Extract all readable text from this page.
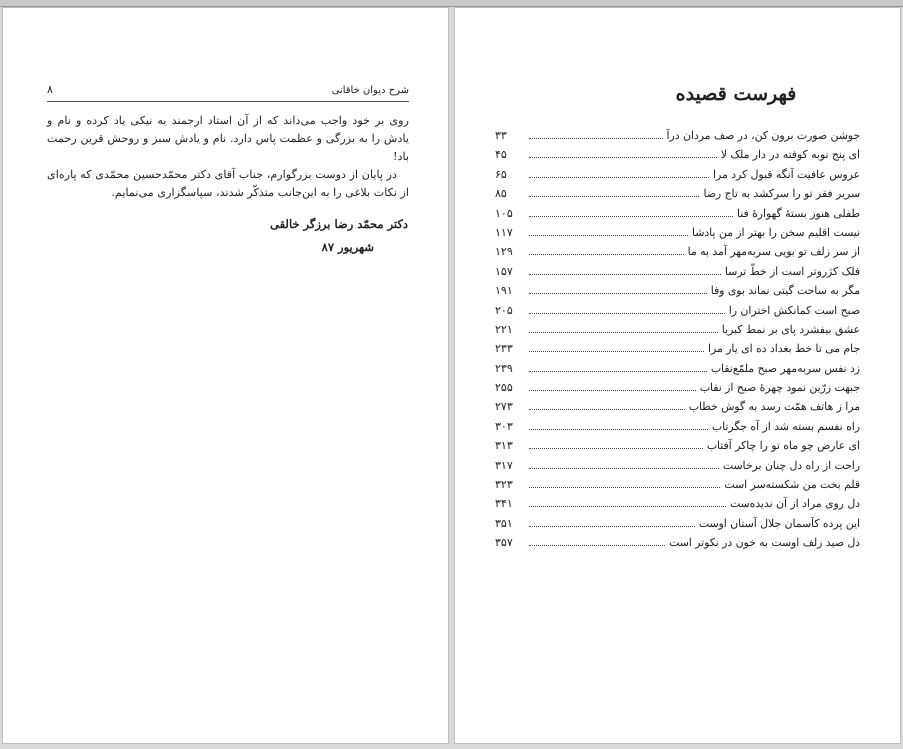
شرح دیوان خاقانی
۸

روی بر خود واجب می‌داند که از آن استاد ارجمند به نیکی یاد کرده و نام و یادش را به بزرگی و عظمت پاس دارد. نام و یادش سبز و روحش قرین رحمت باد!

در پایان از دوست بزرگوارم، جناب آقای دکتر محمّدحسین محمّدی که پاره‌ای از نکات بلاغی را به این‌جانب متذکّر شدند، سپاسگزاری می‌نمایم.

دکتر محمّد رضا برزگر خالقی
شهریور ۸۷
فهرست قصیده
جوشن صورت برون کن، در صف مردان درآ
۳۳
ای پنج نوبه کوفته در دار ملک لا
۴۵
عروس عافیت آنگه قبول کرد مرا
۶۵
سریر فقر تو را سرکشد به تاج رضا
۸۵
طفلی هنوز بستهٔ گهوارهٔ فنا
۱۰۵
نیست اقلیم سخن را بهتر از من پادشا
۱۱۷
از سر زلف تو بویی سربه‌مهر آمد به ما
۱۲۹
فلک کژروتر است از خطّ ترسا
۱۵۷
مگر به ساحت گیتی نماند بوی وفا
۱۹۱
صبح است کمانکش اختران را
۲۰۵
عشق بیفشرد پای بر نمط کبریا
۲۲۱
جام می تا خط بغداد ده ای یار مرا
۲۳۳
زد نفس سربه‌مهر صبح ملمّع‌نقاب
۲۳۹
جبهت زرّین نمود چهرهٔ صبح از نقاب
۲۵۵
مرا ز هاتف همّت رسد به گوش خطاب
۲۷۳
راه نفسم بسته شد از آه جگرتاب
۳۰۳
ای عارض چو ماه تو را چاکر آفتاب
۳۱۳
راحت از راه دل چنان برخاست
۳۱۷
قلم بخت من شکسته‌سر است
۳۲۳
دل روی مراد از آن ندیده‌ست
۳۴۱
این پرده کآسمان جلال آستان اوست
۳۵۱
دل صید زلف اوست به خون در نکوتر است
۳۵۷
